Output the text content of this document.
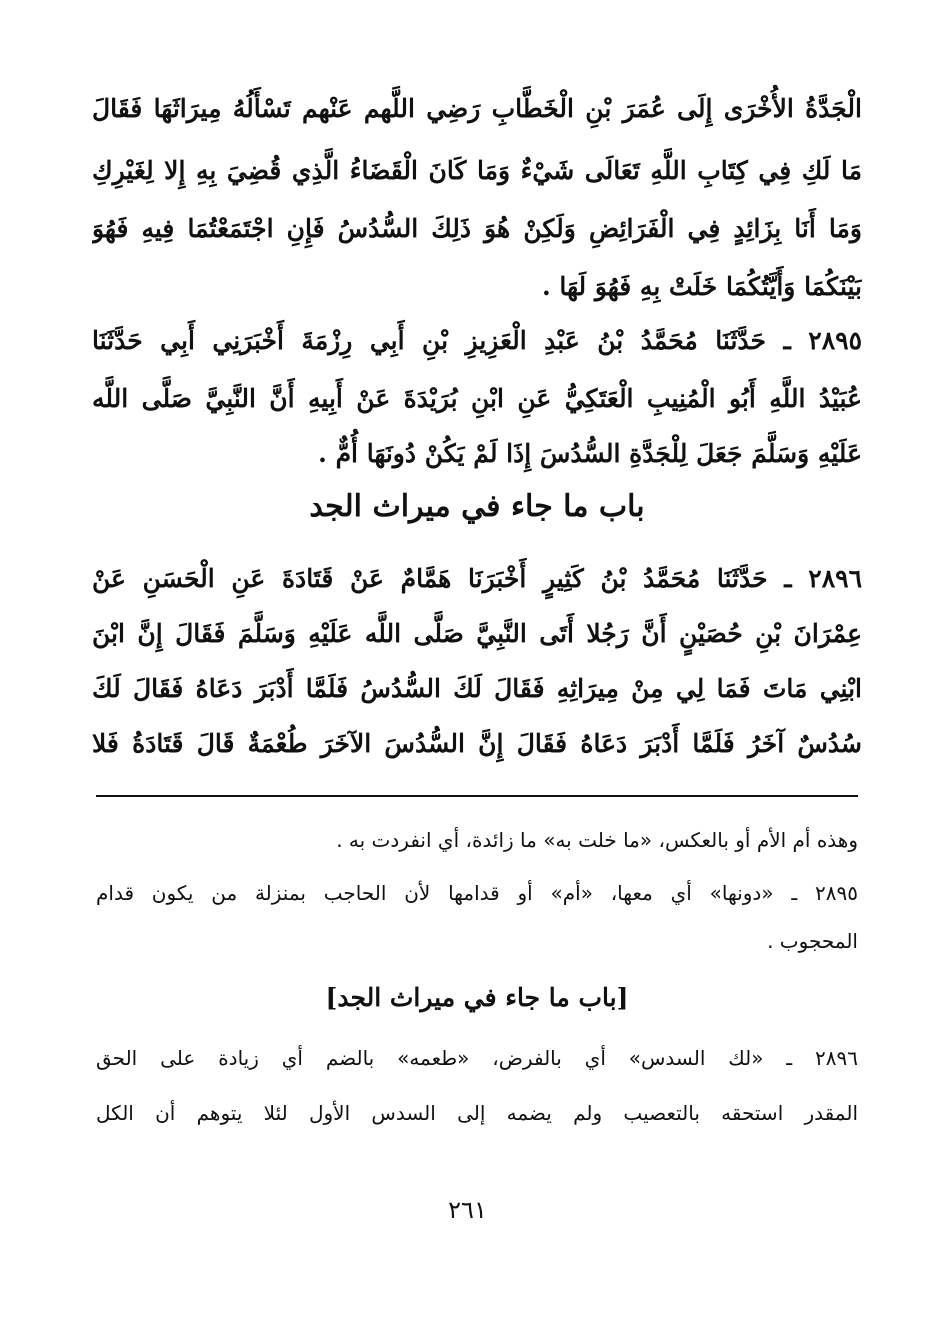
الْجَدَّةُ الأُخْرَى إِلَى عُمَرَ بْنِ الْخَطَّابِ رَضِي اللَّهم عَنْهم تَسْأَلُهُ مِيرَاثَهَا فَقَالَ
مَا لَكِ فِي كِتَابِ اللَّهِ تَعَالَى شَيْءٌ وَمَا كَانَ الْقَضَاءُ الَّذِي قُضِيَ بِهِ إِلا لِغَيْرِكِ
وَمَا أَنَا بِزَائِدٍ فِي الْفَرَائِضِ وَلَكِنْ هُوَ ذَلِكَ السُّدُسُ فَإِنِ اجْتَمَعْتُمَا فِيهِ فَهُوَ
بَيْنَكُمَا وَأَيَّتُكُمَا خَلَتْ بِهِ فَهُوَ لَهَا .
٢٨٩٥ ـ حَدَّثَنَا مُحَمَّدُ بْنُ عَبْدِ الْعَزِيزِ بْنِ أَبِي رِزْمَةَ أَخْبَرَنِي أَبِي حَدَّثَنَا
عُبَيْدُ اللَّهِ أَبُو الْمُنِيبِ الْعَتَكِيُّ عَنِ ابْنِ بُرَيْدَةَ عَنْ أَبِيهِ أَنَّ النَّبِيَّ صَلَّى اللَّه
عَلَيْهِ وَسَلَّمَ جَعَلَ لِلْجَدَّةِ السُّدُسَ إِذَا لَمْ يَكُنْ دُونَهَا أُمٌّ .
باب ما جاء في ميراث الجد
٢٨٩٦ ـ حَدَّثَنَا مُحَمَّدُ بْنُ كَثِيرٍ أَخْبَرَنَا هَمَّامٌ عَنْ قَتَادَةَ عَنِ الْحَسَنِ عَنْ
عِمْرَانَ بْنِ حُصَيْنٍ أَنَّ رَجُلا أَتَى النَّبِيَّ صَلَّى اللَّه عَلَيْهِ وَسَلَّمَ فَقَالَ إِنَّ ابْنَ
ابْنِي مَاتَ فَمَا لِي مِنْ مِيرَاثِهِ فَقَالَ لَكَ السُّدُسُ فَلَمَّا أَدْبَرَ دَعَاهُ فَقَالَ لَكَ
سُدُسٌ آخَرُ فَلَمَّا أَدْبَرَ دَعَاهُ فَقَالَ إِنَّ السُّدُسَ الآخَرَ طُعْمَةٌ قَالَ قَتَادَةُ فَلا
وهذه أم الأم أو بالعكس، «ما خلت به» ما زائدة، أي انفردت به .
٢٨٩٥ ـ «دونها» أي معها، «أم» أو قدامها لأن الحاجب بمنزلة من يكون قدام
المحجوب .
[باب ما جاء في ميراث الجد]
٢٨٩٦ ـ «لك السدس» أي بالفرض، «طعمه» بالضم أي زيادة على الحق
المقدر استحقه بالتعصيب ولم يضمه إلى السدس الأول لئلا يتوهم أن الكل
٢٦١
